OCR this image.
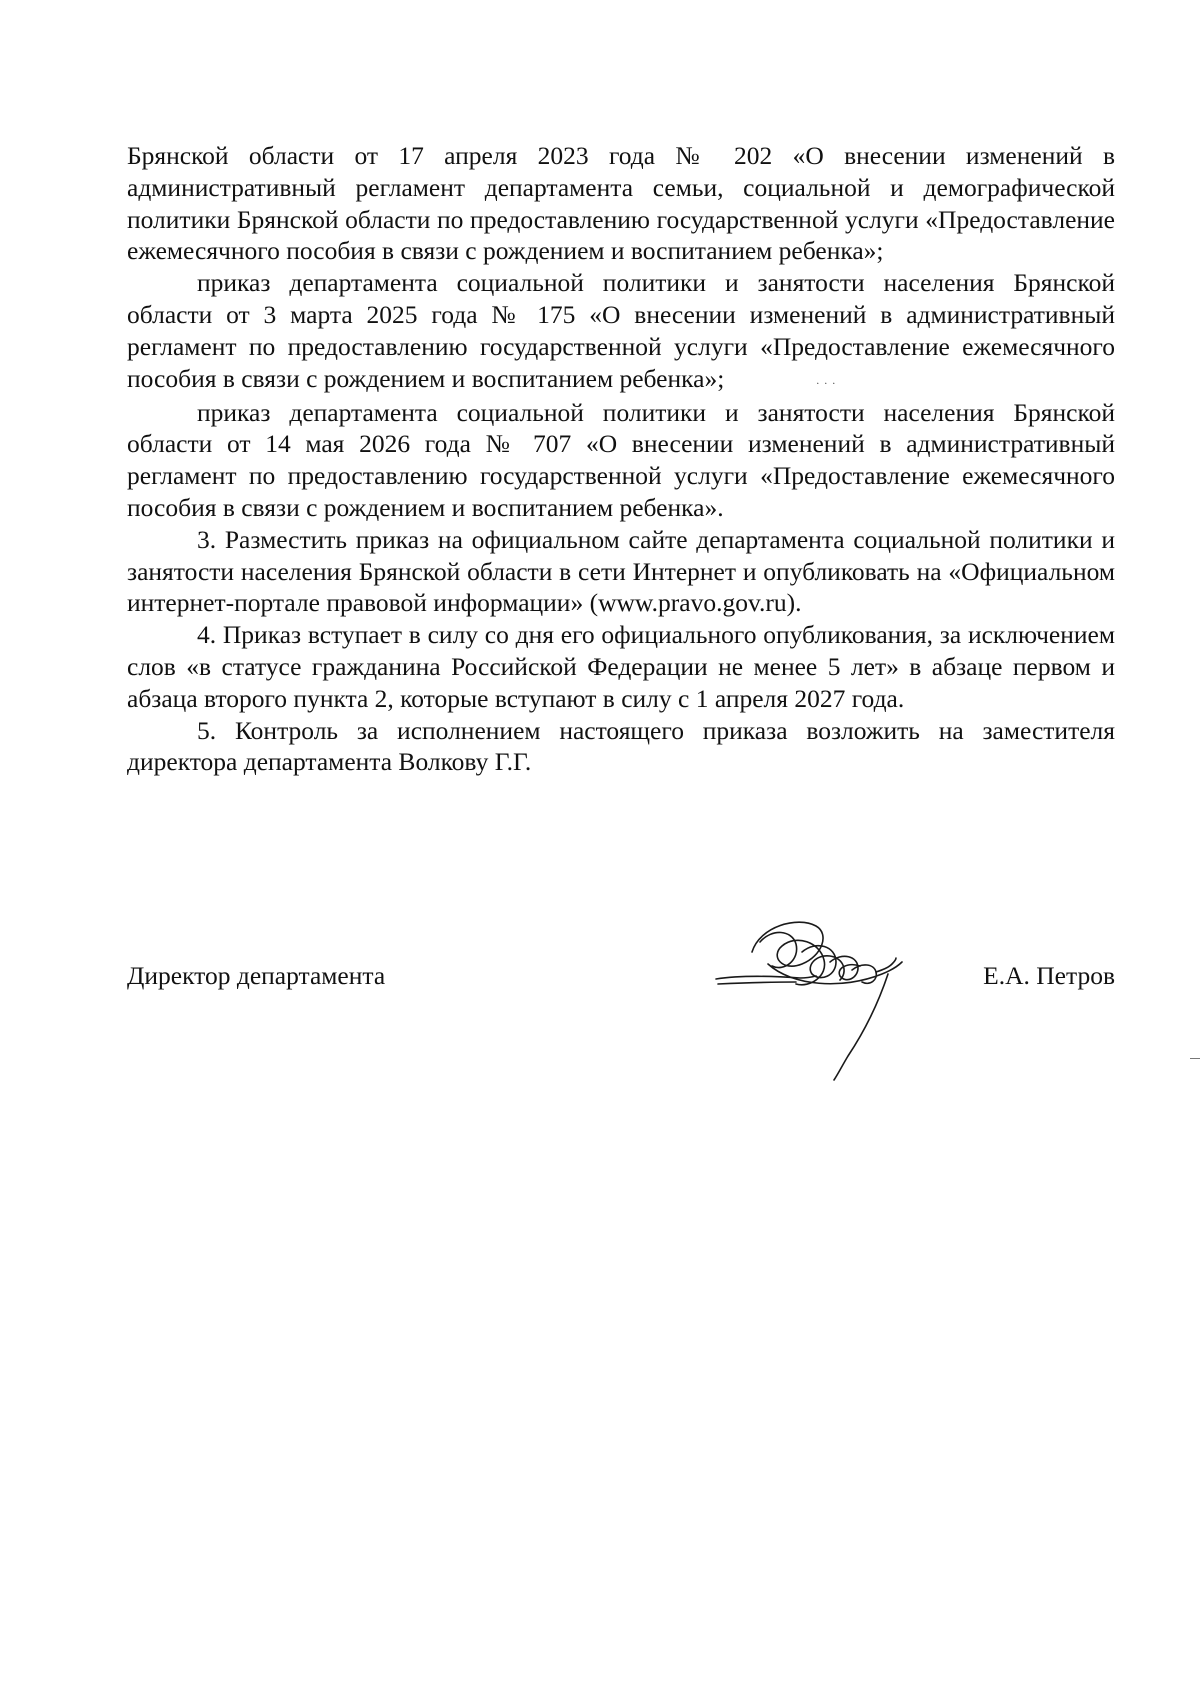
Брянской области от 17 апреля 2023 года № 202 «О внесении изменений в административный регламент департамента семьи, социальной и демографической политики Брянской области по предоставлению государственной услуги «Предоставление ежемесячного пособия в связи с рождением и воспитанием ребенка»;

приказ департамента социальной политики и занятости населения Брянской области от 3 марта 2025 года № 175 «О внесении изменений в административный регламент по предоставлению государственной услуги «Предоставление ежемесячного пособия в связи с рождением и воспитанием ребенка»;	. . .

приказ департамента социальной политики и занятости населения Брянской области от 14 мая 2026 года № 707 «О внесении изменений в административный регламент по предоставлению государственной услуги «Предоставление ежемесячного пособия в связи с рождением и воспитанием ребенка».

3. Разместить приказ на официальном сайте департамента социальной политики и занятости населения Брянской области в сети Интернет и опубликовать на «Официальном интернет-портале правовой информации» (www.pravo.gov.ru).

4. Приказ вступает в силу со дня его официального опубликования, за исключением слов «в статусе гражданина Российской Федерации не менее 5 лет» в абзаце первом и абзаца второго пункта 2, которые вступают в силу с 1 апреля 2027 года.

5. Контроль за исполнением настоящего приказа возложить на заместителя директора департамента Волкову Г.Г.

Директор департамента	Е.А. Петров
